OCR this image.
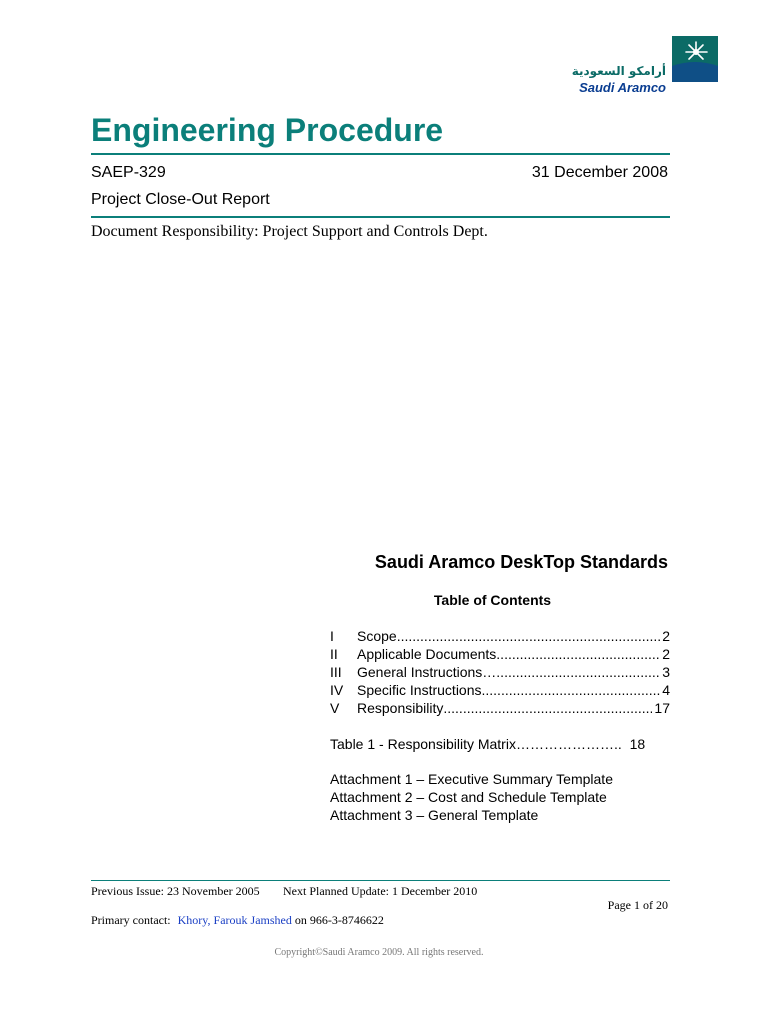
أرامكو السعودية
Saudi Aramco
Engineering Procedure
SAEP-329	31 December 2008
Project Close-Out Report
Document Responsibility: Project Support and Controls Dept.
Saudi Aramco DeskTop Standards
Table of Contents
I	Scope .....	2
II	Applicable Documents .....	2
III	General Instructions… .....	3
IV Specific Instructions .....	4
V	Responsibility .....	17
Table 1 - Responsibility Matrix………………….. 18
Attachment 1 – Executive Summary Template
Attachment 2 – Cost and Schedule Template
Attachment 3 – General Template
Previous Issue: 23 November 2005 Next Planned Update: 1 December 2010
Page 1 of 20
Primary contact: Khory, Farouk Jamshed on 966-3-8746622
Copyright©Saudi Aramco 2009. All rights reserved.
